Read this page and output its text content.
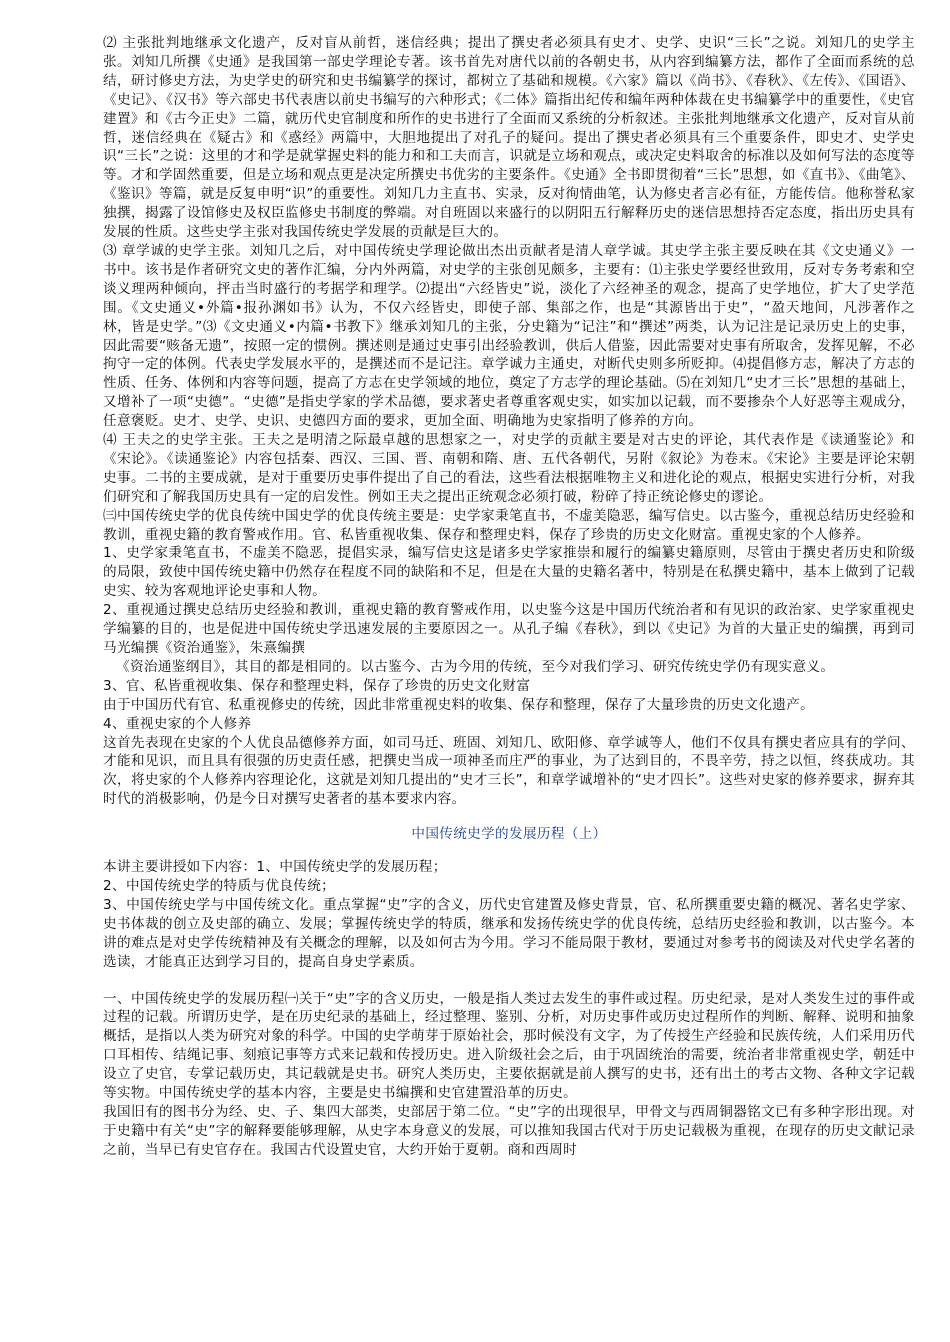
⑵ 主张批判地继承文化遗产，反对盲从前哲，迷信经典；提出了撰史者必须具有史才、史学、史识“三长”之说。刘知几的史学主张。刘知几所撰《史通》是我国第一部史学理论专著。该书首先对唐代以前的各朝史书，从内容到编纂方法，都作了全面而系统的总结，研讨修史方法，为史学史的研究和史书编纂学的探讨，都树立了基础和规模。《六家》篇以《尚书》、《春秋》、《左传》、《国语》、《史记》、《汉书》等六部史书代表唐以前史书编写的六种形式；《二体》篇指出纪传和编年两种体裁在史书编纂学中的重要性，《史官建置》和《古今正史》二篇，就历代史官制度和所作的史书进行了全面而又系统的分析叙述。主张批判地继承文化遗产，反对盲从前哲，迷信经典在《疑古》和《惑经》两篇中，大胆地提出了对孔子的疑问。提出了撰史者必须具有三个重要条件，即史才、史学史识“三长”之说：这里的才和学是就掌握史料的能力和和工夫而言，识就是立场和观点，或决定史料取舍的标准以及如何写法的态度等等。才和学固然重要，但是立场和观点更是决定所撰史书优劣的主要条件。《史通》全书即贯彻着“三长”思想，如《直书》、《曲笔》、《鉴识》等篇，就是反复申明“识”的重要性。刘知几力主直书、实录，反对徇情曲笔，认为修史者言必有征，方能传信。他称誉私家独撰，揭露了设馆修史及权臣监修史书制度的弊端。对自班固以来盛行的以阴阳五行解释历史的迷信思想持否定态度，指出历史具有发展的性质。这些史学主张对我国传统史学发展的贡献是巨大的。

⑶ 章学诚的史学主张。刘知几之后，对中国传统史学理论做出杰出贡献者是清人章学诚。其史学主张主要反映在其《文史通义》一书中。该书是作者研究文史的著作汇编，分内外两篇，对史学的主张创见颇多，主要有：⑴主张史学要经世致用，反对专务考索和空谈义理两种倾向，抨击当时盛行的考据学和理学。⑵提出“六经皆史”说，淡化了六经神圣的观念，提高了史学地位，扩大了史学范围。《文史通义•外篇•报孙渊如书》认为，不仅六经皆史，即使子部、集部之作，也是“其源皆出于史”，“盈天地间，凡涉著作之林，皆是史学。”⑶《文史通义•内篇•书教下》继承刘知几的主张，分史籍为“记注”和“撰述”两类，认为记注是记录历史上的史事，因此需要“赅备无遗”，按照一定的惯例。撰述则是通过史事引出经验教训，供后人借鉴，因此需要对史事有所取舍，发挥见解，不必拘守一定的体例。代表史学发展水平的，是撰述而不是记注。章学诚力主通史，对断代史则多所贬抑。⑷提倡修方志，解决了方志的性质、任务、体例和内容等问题，提高了方志在史学领域的地位，奠定了方志学的理论基础。⑸在刘知几“史才三长”思想的基础上，又增补了一项“史德”。“史德”是指史学家的学术品德，要求著史者尊重客观史实，如实加以记载，而不要掺杂个人好恶等主观成分，任意褒贬。史才、史学、史识、史德四方面的要求，更加全面、明确地为史家指明了修养的方向。

⑷ 王夫之的史学主张。王夫之是明清之际最卓越的思想家之一，对史学的贡献主要是对古史的评论，其代表作是《读通鉴论》和《宋论》。《读通鉴论》内容包括秦、西汉、三国、晋、南朝和隋、唐、五代各朝代，另附《叙论》为卷末。《宋论》主要是评论宋朝史事。二书的主要成就，是对于重要历史事件提出了自己的看法，这些看法根据唯物主义和进化论的观点，根据史实进行分析，对我们研究和了解我国历史具有一定的启发性。例如王夫之提出正统观念必须打破，粉碎了持正统论修史的谬论。

㈢中国传统史学的优良传统中国史学的优良传统主要是：史学家秉笔直书，不虚美隐恶，编写信史。以古鉴今，重视总结历史经验和教训，重视史籍的教育警戒作用。官、私皆重视收集、保存和整理史料，保存了珍贵的历史文化财富。重视史家的个人修养。

1、史学家秉笔直书，不虚美不隐恶，提倡实录，编写信史这是诸多史学家推崇和履行的编纂史籍原则，尽管由于撰史者历史和阶级的局限，致使中国传统史籍中仍然存在程度不同的缺陷和不足，但是在大量的史籍名著中，特别是在私撰史籍中，基本上做到了记载史实、较为客观地评论史事和人物。

2、重视通过撰史总结历史经验和教训，重视史籍的教育警戒作用，以史鉴今这是中国历代统治者和有见识的政治家、史学家重视史学编纂的目的，也是促进中国传统史学迅速发展的主要原因之一。从孔子编《春秋》，到以《史记》为首的大量正史的编撰，再到司马光编撰《资治通鉴》，朱熹编撰

《资治通鉴纲目》，其目的都是相同的。以古鉴今、古为今用的传统，至今对我们学习、研究传统史学仍有现实意义。

3、官、私皆重视收集、保存和整理史料，保存了珍贵的历史文化财富

由于中国历代有官、私重视修史的传统，因此非常重视史料的收集、保存和整理，保存了大量珍贵的历史文化遗产。

4、重视史家的个人修养

这首先表现在史家的个人优良品德修养方面，如司马迁、班固、刘知几、欧阳修、章学诚等人，他们不仅具有撰史者应具有的学问、才能和见识，而且具有很强的历史责任感，把撰史当成一项神圣而庄严的事业，为了达到目的，不畏辛劳，持之以恒，终获成功。其次，将史家的个人修养内容理论化，这就是刘知几提出的“史才三长”，和章学诚增补的“史才四长”。这些对史家的修养要求，摒弃其时代的消极影响，仍是今日对撰写史著者的基本要求内容。

中国传统史学的发展历程（上）

本讲主要讲授如下内容：1、中国传统史学的发展历程；

2、中国传统史学的特质与优良传统；

3、中国传统史学与中国传统文化。重点掌握“史”字的含义，历代史官建置及修史背景，官、私所撰重要史籍的概况、著名史学家、史书体裁的创立及史部的确立、发展；掌握传统史学的特质，继承和发扬传统史学的优良传统，总结历史经验和教训，以古鉴今。本讲的难点是对史学传统精神及有关概念的理解，以及如何古为今用。学习不能局限于教材，要通过对参考书的阅读及对代史学名著的选读，才能真正达到学习目的，提高自身史学素质。

一、中国传统史学的发展历程㈠关于“史”字的含义历史，一般是指人类过去发生的事件或过程。历史纪录，是对人类发生过的事件或过程的记载。所谓历史学，是在历史纪录的基础上，经过整理、鉴别、分析，对历史事件或历史过程所作的判断、解释、说明和抽象概括，是指以人类为研究对象的科学。中国的史学萌芽于原始社会，那时候没有文字，为了传授生产经验和民族传统，人们采用历代口耳相传、结绳记事、刻痕记事等方式来记载和传授历史。进入阶级社会之后，由于巩固统治的需要，统治者非常重视史学，朝廷中设立了史官，专掌记载历史，其记载就是史书。研究人类历史，主要依据就是前人撰写的史书，还有出土的考古文物、各种文字记载等实物。中国传统史学的基本内容，主要是史书编撰和史官建置沿革的历史。

我国旧有的图书分为经、史、子、集四大部类，史部居于第二位。“史”字的出现很早，甲骨文与西周铜器铭文已有多种字形出现。对于史籍中有关“史”字的解释要能够理解，从史字本身意义的发展，可以推知我国古代对于历史记载极为重视，在现存的历史文献记录之前，当早已有史官存在。我国古代设置史官，大约开始于夏朝。商和西周时
